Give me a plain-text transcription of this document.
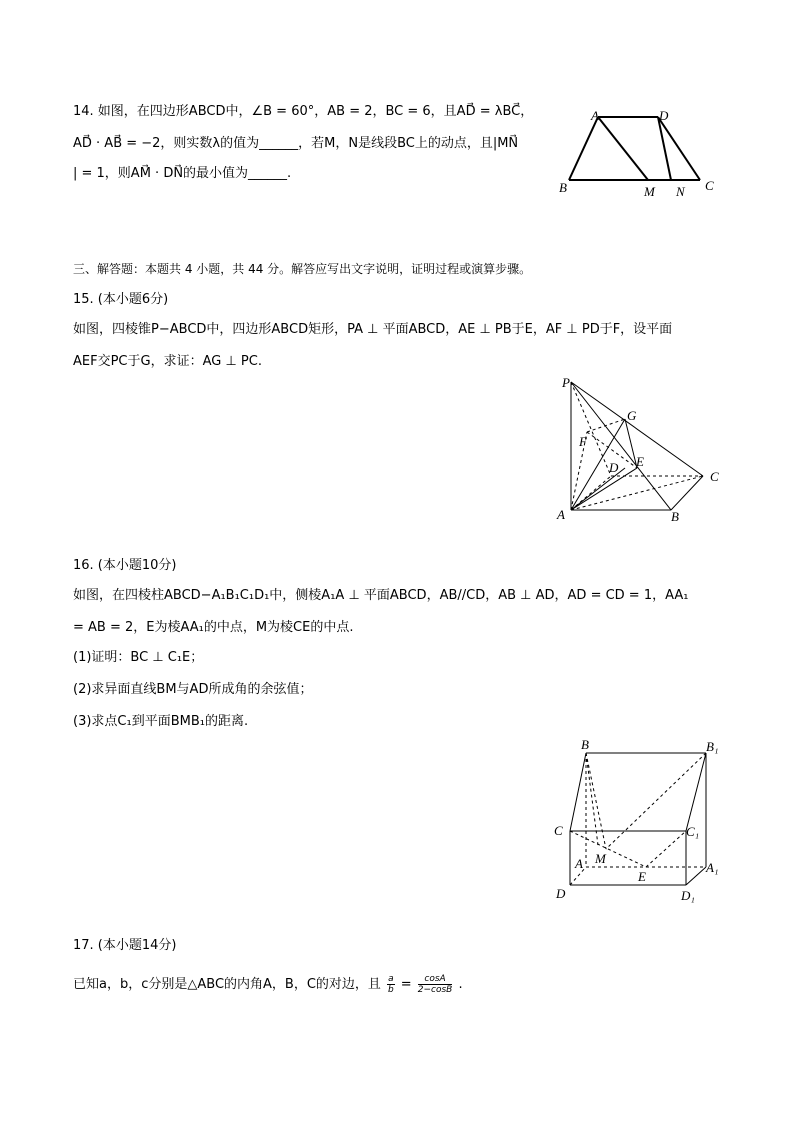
14. 如图，在四边形ABCD中，∠B = 60°，AB = 2，BC = 6，且AD⃗ = λBC⃗，
AD⃗ · AB⃗ = −2，则实数λ的值为______，若M，N是线段BC上的动点，且|MN⃗
| = 1，则AM⃗ · DN⃗的最小值为______.
A	D
B	M N C
三、解答题：本题共 4 小题，共 44 分。解答应写出文字说明，证明过程或演算步骤。
15. (本小题6分)
如图，四棱锥P−ABCD中，四边形ABCD矩形，PA ⊥ 平面ABCD，AE ⊥ PB于E，AF ⊥ PD于F，设平面
AEF交PC于G，求证：AG ⊥ PC.
P
G
F
D E
C
A	B
16. (本小题10分)
如图，在四棱柱ABCD−A₁B₁C₁D₁中，侧棱A₁A ⊥ 平面ABCD，AB//CD，AB ⊥ AD，AD = CD = 1，AA₁
= AB = 2，E为棱AA₁的中点，M为棱CE的中点.
(1)证明：BC ⊥ C₁E；
(2)求异面直线BM与AD所成角的余弦值；
(3)求点C₁到平面BMB₁的距离.
B	B₁
C	C₁
A M
A₁
E
D	D₁
17. (本小题14分)
已知a，b，c分别是△ABC的内角A，B，C的对边，且 $\frac{a}{b} = \frac{\cos A}{2-\cos B}$ .
